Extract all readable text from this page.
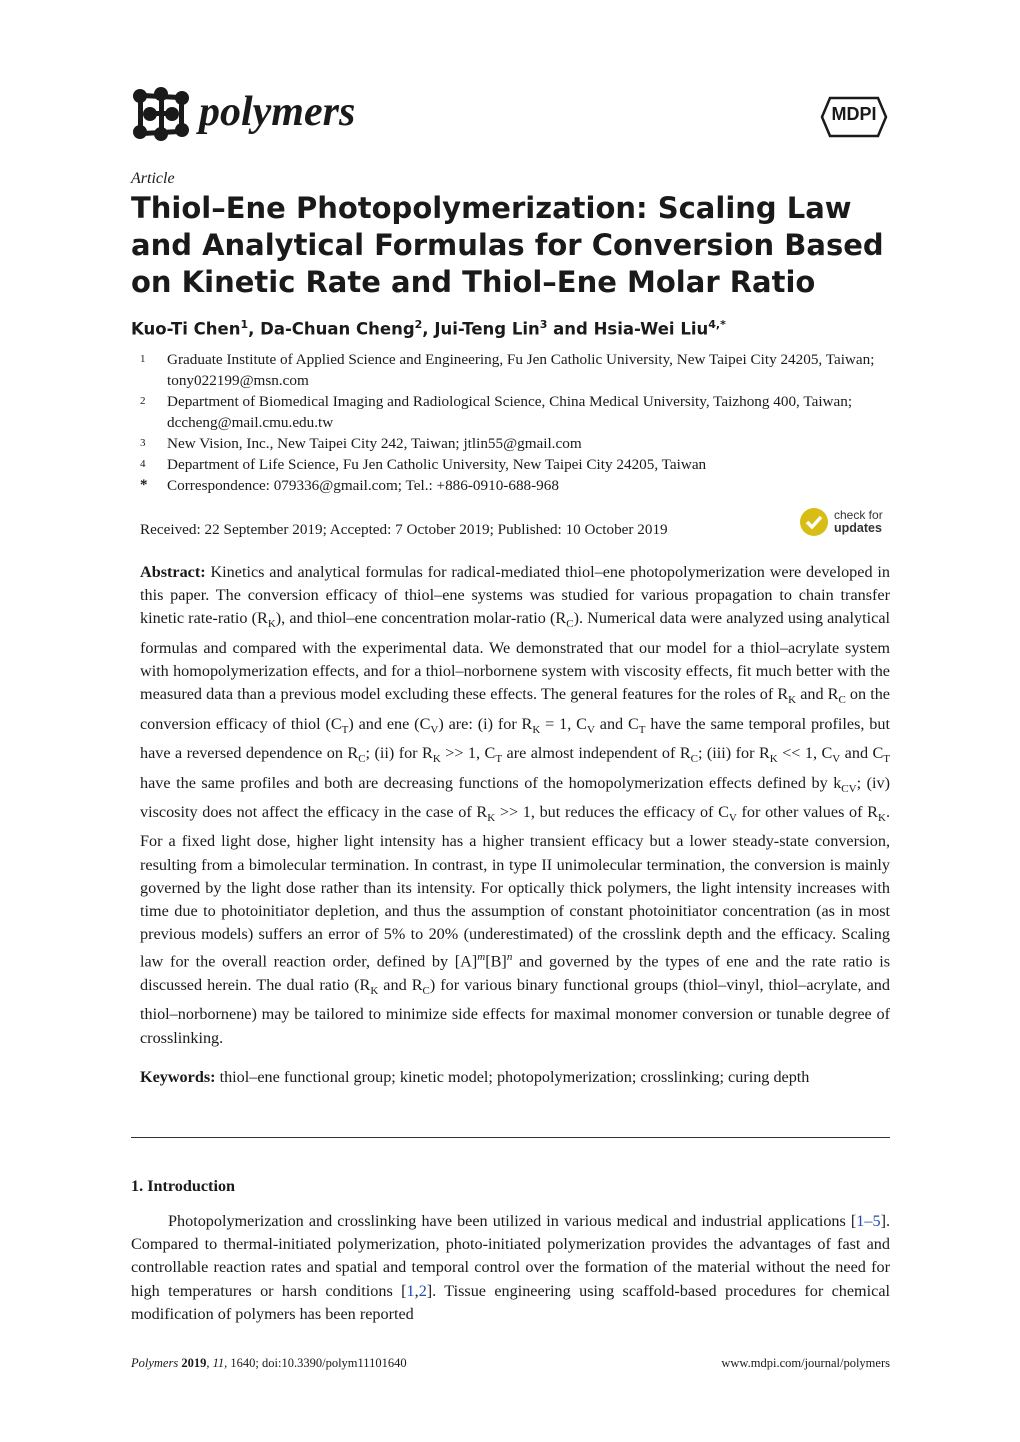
polymers	MDPI
Article
Thiol–Ene Photopolymerization: Scaling Law and Analytical Formulas for Conversion Based on Kinetic Rate and Thiol–Ene Molar Ratio
Kuo-Ti Chen$^1$, Da-Chuan Cheng$^2$, Jui-Teng Lin$^3$ and Hsia-Wei Liu$^{4,*}$
1	Graduate Institute of Applied Science and Engineering, Fu Jen Catholic University, New Taipei City 24205, Taiwan; tony022199@msn.com
2	Department of Biomedical Imaging and Radiological Science, China Medical University, Taizhong 400, Taiwan; dccheng@mail.cmu.edu.tw
3	New Vision, Inc., New Taipei City 242, Taiwan; jtlin55@gmail.com
4	Department of Life Science, Fu Jen Catholic University, New Taipei City 24205, Taiwan
*	Correspondence: 079336@gmail.com; Tel.: +886-0910-688-968
Received: 22 September 2019; Accepted: 7 October 2019; Published: 10 October 2019
check for
updates

Abstract: Kinetics and analytical formulas for radical-mediated thiol–ene photopolymerization were developed in this paper. The conversion efficacy of thiol–ene systems was studied for various propagation to chain transfer kinetic rate-ratio $(R_K)$, and thiol–ene concentration molar-ratio $(R_C)$. Numerical data were analyzed using analytical formulas and compared with the experimental data. We demonstrated that our model for a thiol–acrylate system with homopolymerization effects, and for a thiol–norbornene system with viscosity effects, fit much better with the measured data than a previous model excluding these effects. The general features for the roles of $R_K$ and $R_C$ on the conversion efficacy of thiol $(C_T)$ and ene $(C_V)$ are: (i) for $R_K = 1$, $C_V$ and $C_T$ have the same temporal profiles, but have a reversed dependence on $R_C$; (ii) for $R_K >> 1$, $C_T$ are almost independent of $R_C$; (iii) for $R_K << 1$, $C_V$ and $C_T$ have the same profiles and both are decreasing functions of the homopolymerization effects defined by $k_{CV}$; (iv) viscosity does not affect the efficacy in the case of $R_K >> 1$, but reduces the efficacy of $C_V$ for other values of $R_K$. For a fixed light dose, higher light intensity has a higher transient efficacy but a lower steady-state conversion, resulting from a bimolecular termination. In contrast, in type II unimolecular termination, the conversion is mainly governed by the light dose rather than its intensity. For optically thick polymers, the light intensity increases with time due to photoinitiator depletion, and thus the assumption of constant photoinitiator concentration (as in most previous models) suffers an error of 5% to 20% (underestimated) of the crosslink depth and the efficacy. Scaling law for the overall reaction order, defined by $[A]^m[B]^n$ and governed by the types of ene and the rate ratio is discussed herein. The dual ratio ($R_K$ and $R_C$) for various binary functional groups (thiol–vinyl, thiol–acrylate, and thiol–norbornene) may be tailored to minimize side effects for maximal monomer conversion or tunable degree of crosslinking.

Keywords: thiol–ene functional group; kinetic model; photopolymerization; crosslinking; curing depth
1. Introduction

Photopolymerization and crosslinking have been utilized in various medical and industrial applications [1–5]. Compared to thermal-initiated polymerization, photo-initiated polymerization provides the advantages of fast and controllable reaction rates and spatial and temporal control over the formation of the material without the need for high temperatures or harsh conditions [1,2]. Tissue engineering using scaffold-based procedures for chemical modification of polymers has been reported

Polymers 2019, 11, 1640; doi:10.3390/polym11101640	www.mdpi.com/journal/polymers
